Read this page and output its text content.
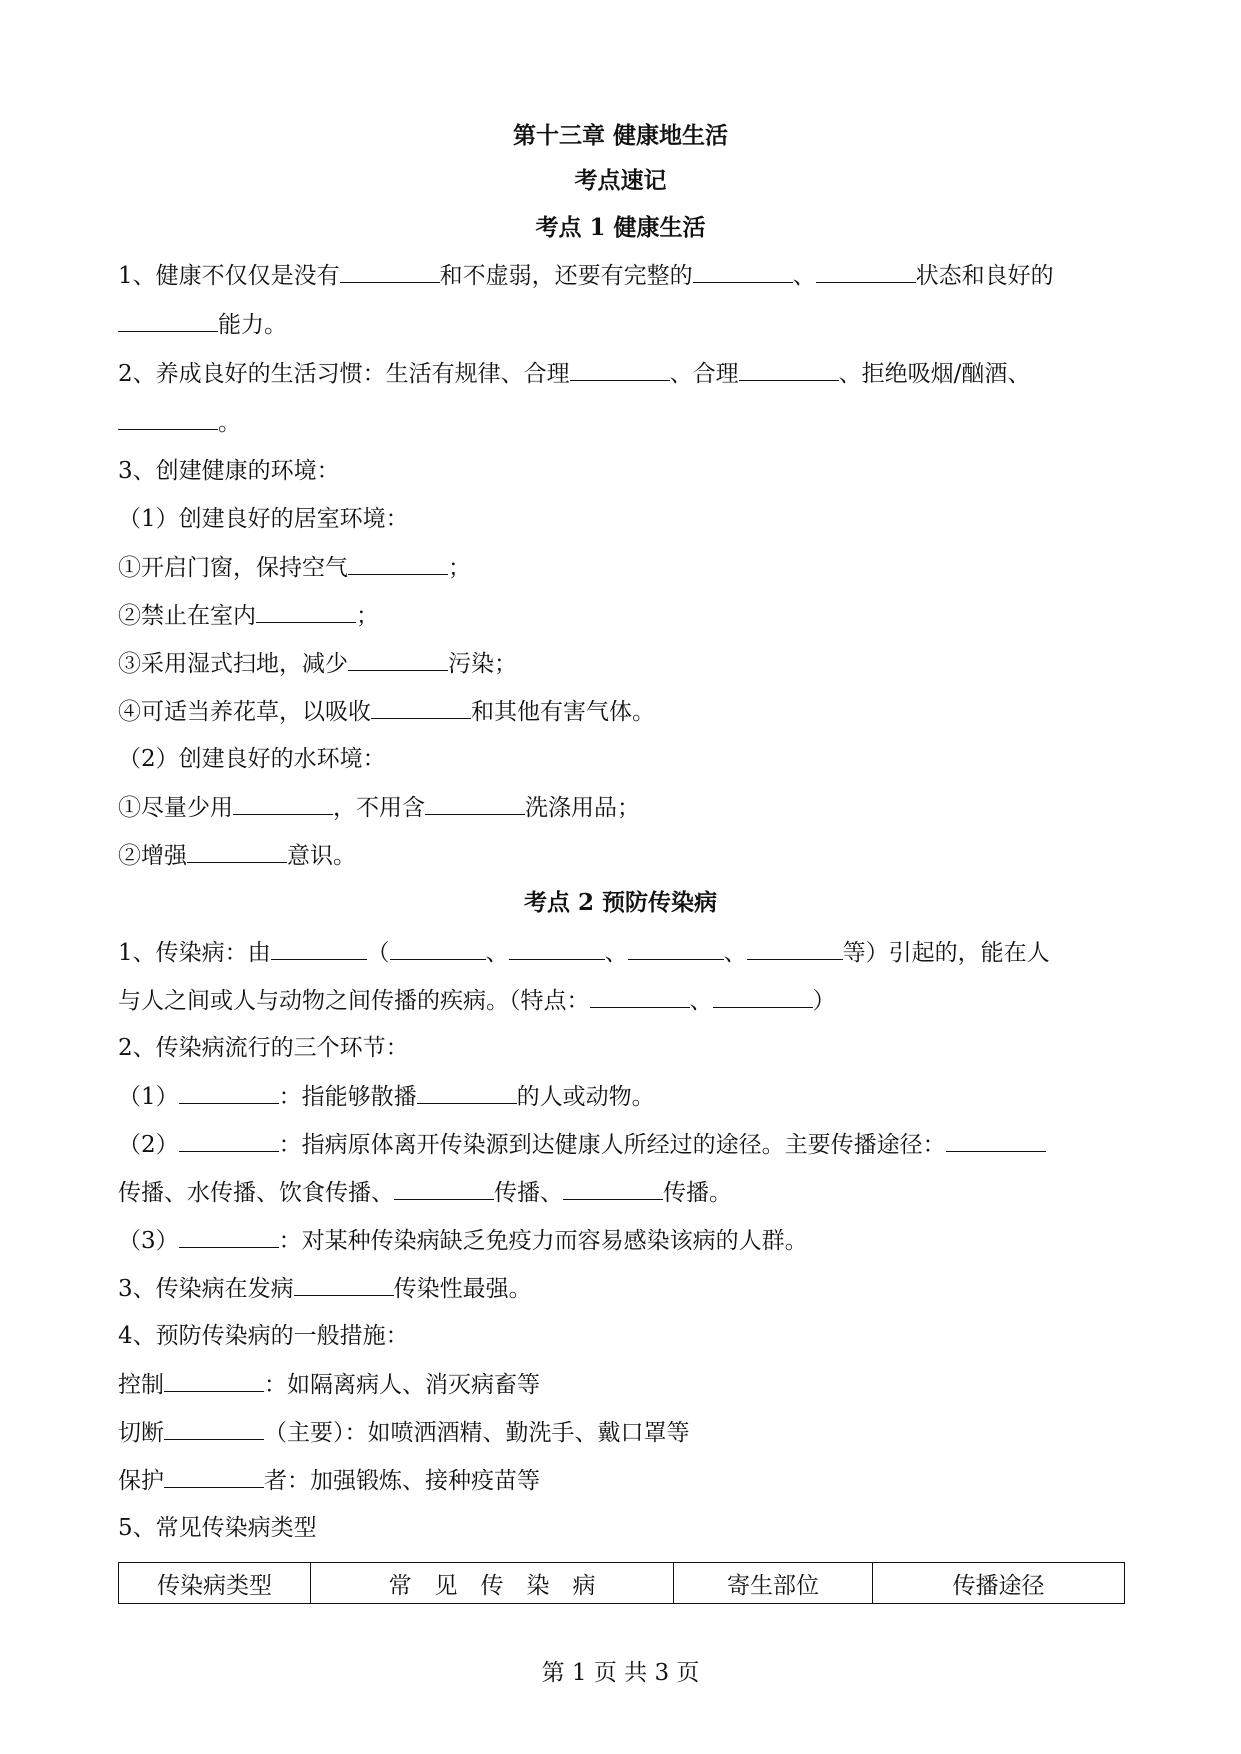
第十三章 健康地生活
考点速记
考点 1 健康生活
1、健康不仅仅是没有	和不虚弱，还要有完整的	、	状态和良好的
能力。
2、养成良好的生活习惯：生活有规律、合理	、合理	、拒绝吸烟/酗酒、
。
3、创建健康的环境：
（1）创建良好的居室环境：
①开启门窗，保持空气	；
②禁止在室内	；
③采用湿式扫地，减少	污染；
④可适当养花草，以吸收	和其他有害气体。
（2）创建良好的水环境：
①尽量少用	，不用含	洗涤用品；
②增强	意识。
考点 2 预防传染病
1、传染病：由	（	、	、	、	等）引起的，能在人
与人之间或人与动物之间传播的疾病。（特点：	、	）
2、传染病流行的三个环节：
（1）	：指能够散播	的人或动物。
（2）	：指病原体离开传染源到达健康人所经过的途径。主要传播途径：
传播、水传播、饮食传播、	传播、	传播。
（3）	：对某种传染病缺乏免疫力而容易感染该病的人群。
3、传染病在发病	传染性最强。
4、预防传染病的一般措施：
控制	：如隔离病人、消灭病畜等
切断	（主要）：如喷洒酒精、勤洗手、戴口罩等
保护	者：加强锻炼、接种疫苗等
5、常见传染病类型
传染病类型	常　见　传　染　病	寄生部位	传播途径
第 1 页 共 3 页
